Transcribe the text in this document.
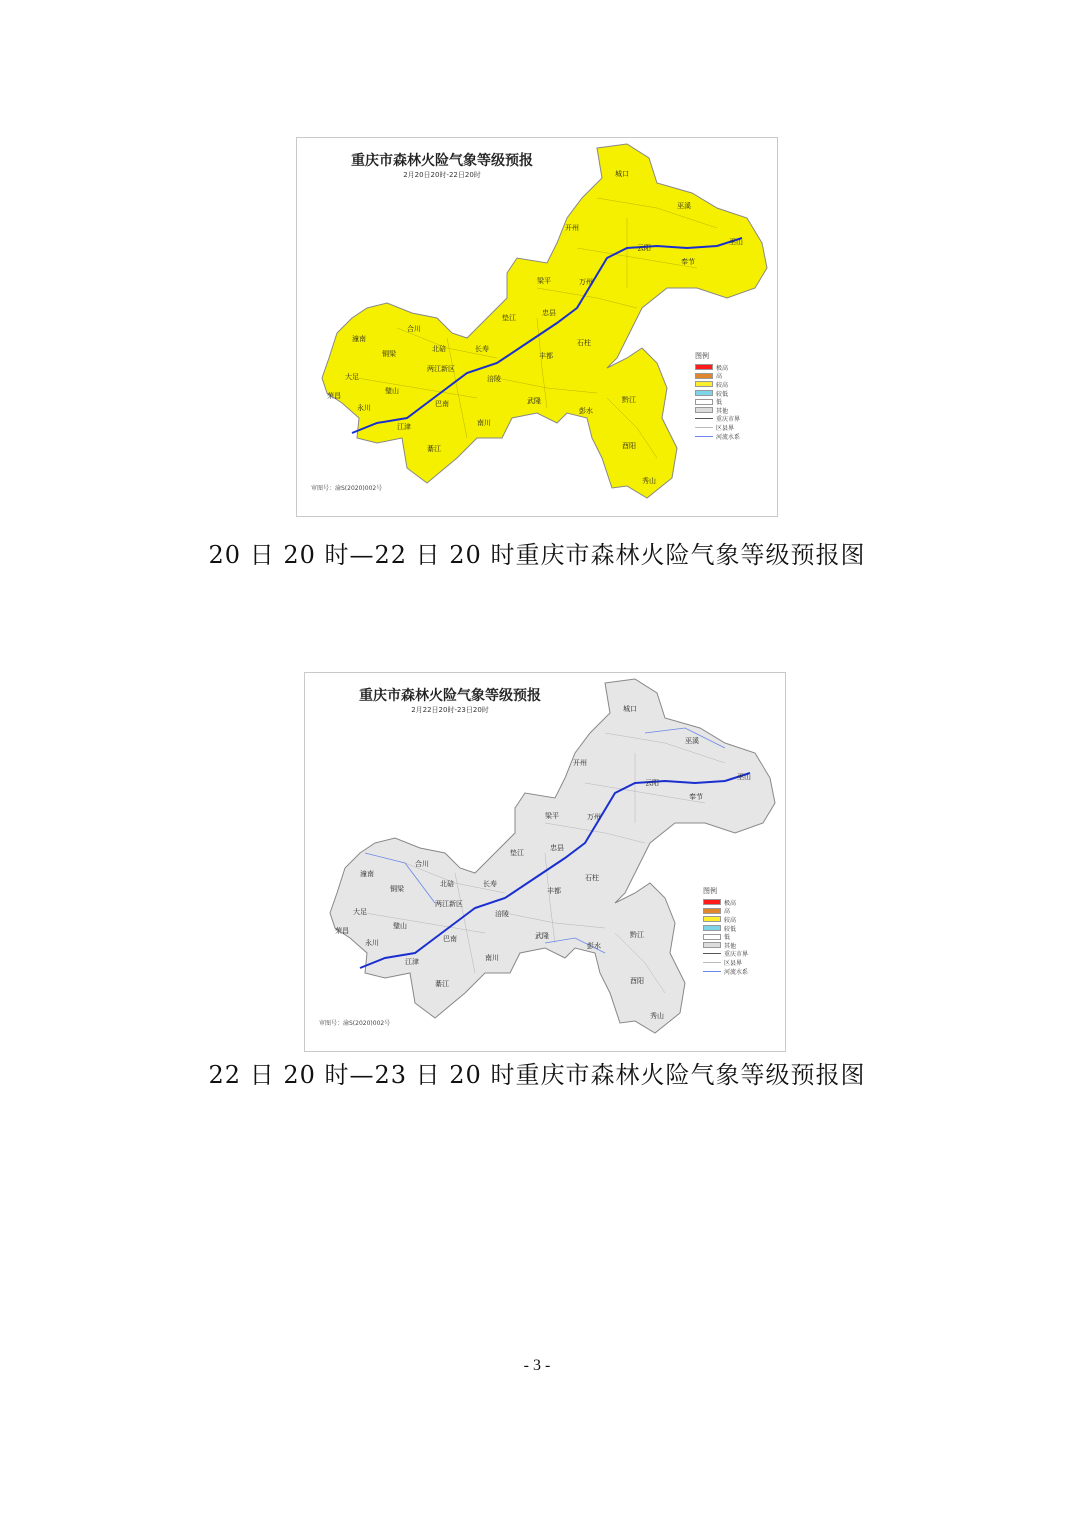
重庆市森林火险气象等级预报
2月20日20时-22日20时	城口
巫溪
开州
云阳
巫山
奉节
梁平	万州
垫江
忠县
合川
潼南
北碚	长寿
石柱
铜梁
两江新区
涪陵
丰都
大足
璧山
巴南	武隆
彭水
荣昌
永川
江津	南川
黔江
綦江	酉阳
秀山
图例
极高
高
较高
较低
低
其他
重庆市界
区县界
河流水系
审图号：渝S(2020)002号
20 日 20 时—22 日 20 时重庆市森林火险气象等级预报图
重庆市森林火险气象等级预报
2月22日20时-23日20时	城口
巫溪
开州
云阳
巫山
奉节
梁平	万州
垫江
忠县
合川
潼南
北碚	长寿
石柱
铜梁
两江新区
涪陵
丰都
大足
璧山
巴南	武隆
彭水
荣昌
永川
江津	南川
黔江
綦江	酉阳
秀山
图例
极高
高
较高
较低
低
其他
重庆市界
区县界
河流水系
审图号：渝S(2020)002号
22 日 20 时—23 日 20 时重庆市森林火险气象等级预报图
- 3 -
